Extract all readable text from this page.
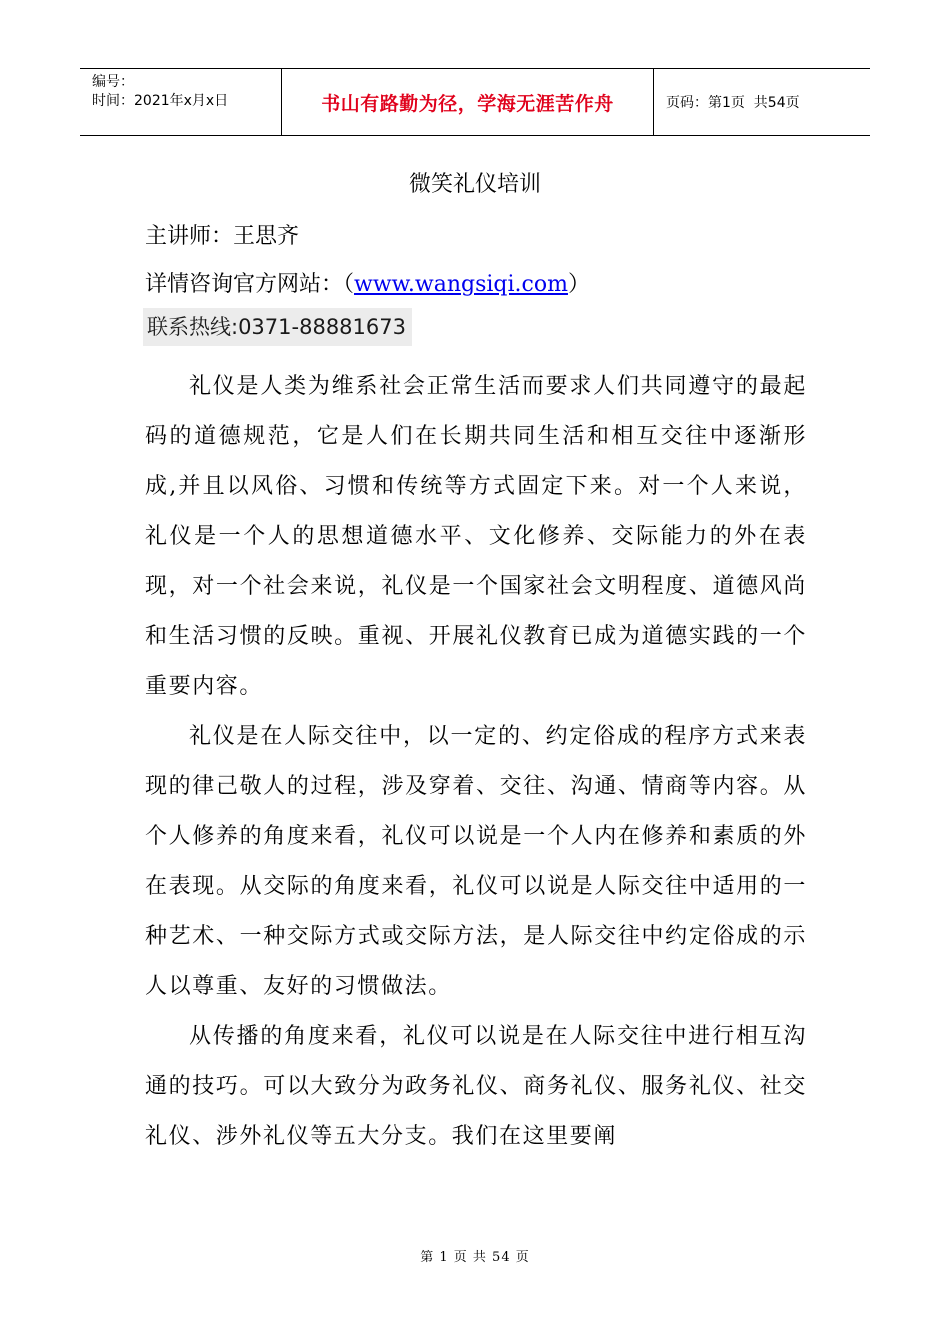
编号：
时间：2021年x月x日	书山有路勤为径，学海无涯苦作舟	页码：第1页  共54页
微笑礼仪培训
主讲师：王思齐
详情咨询官方网站：（www.wangsiqi.com）
联系热线:0371-88881673

礼仪是人类为维系社会正常生活而要求人们共同遵守的最起码的道德规范，它是人们在长期共同生活和相互交往中逐渐形成,并且以风俗、习惯和传统等方式固定下来。对一个人来说，礼仪是一个人的思想道德水平、文化修养、交际能力的外在表现，对一个社会来说，礼仪是一个国家社会文明程度、道德风尚和生活习惯的反映。重视、开展礼仪教育已成为道德实践的一个重要内容。

礼仪是在人际交往中，以一定的、约定俗成的程序方式来表现的律己敬人的过程，涉及穿着、交往、沟通、情商等内容。从个人修养的角度来看，礼仪可以说是一个人内在修养和素质的外在表现。从交际的角度来看，礼仪可以说是人际交往中适用的一种艺术、一种交际方式或交际方法，是人际交往中约定俗成的示人以尊重、友好的习惯做法。

从传播的角度来看，礼仪可以说是在人际交往中进行相互沟通的技巧。可以大致分为政务礼仪、商务礼仪、服务礼仪、社交礼仪、涉外礼仪等五大分支。我们在这里要阐

第 1 页 共 54 页
